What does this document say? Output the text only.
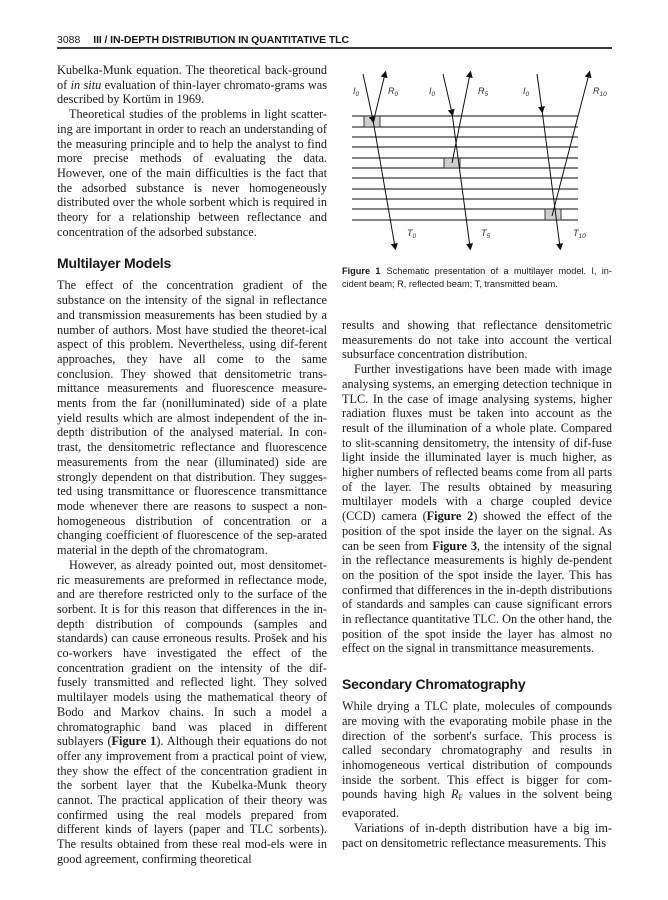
3088 III / IN-DEPTH DISTRIBUTION IN QUANTITATIVE TLC

Kubelka-Munk equation. The theoretical back-ground of in situ evaluation of thin-layer chromato-grams was described by Kortüm in 1969.

Theoretical studies of the problems in light scatter-ing are important in order to reach an understanding of the measuring principle and to help the analyst to find more precise methods of evaluating the data. However, one of the main difficulties is the fact that the adsorbed substance is never homogeneously distributed over the whole sorbent which is required in theory for a relationship between reflectance and concentration of the adsorbed substance.

Multilayer Models

The effect of the concentration gradient of the substance on the intensity of the signal in reflectance and transmission measurements has been studied by a number of authors. Most have studied the theoret-ical aspect of this problem. Nevertheless, using dif-ferent approaches, they have all come to the same conclusion. They showed that densitometric trans-mittance measurements and fluorescence measure-ments from the far (nonilluminated) side of a plate yield results which are almost independent of the in-depth distribution of the analysed material. In con-trast, the densitometric reflectance and fluorescence measurements from the near (illuminated) side are strongly dependent on that distribution. They sugges-ted using transmittance or fluorescence transmittance mode whenever there are reasons to suspect a non-homogeneous distribution of concentration or a changing coefficient of fluorescence of the sep-arated material in the depth of the chromatogram.

However, as already pointed out, most densitomet-ric measurements are preformed in reflectance mode, and are therefore restricted only to the surface of the sorbent. It is for this reason that differences in the in-depth distribution of compounds (samples and standards) can cause erroneous results. Prošek and his co-workers have investigated the effect of the concentration gradient on the intensity of the dif-fusely transmitted and reflected light. They solved multilayer models using the mathematical theory of Bodo and Markov chains. In such a model a chromatographic band was placed in different sublayers (Figure 1). Although their equations do not offer any improvement from a practical point of view, they show the effect of the concentration gradient in the sorbent layer that the Kubelka-Munk theory cannot. The practical application of their theory was confirmed using the real models prepared from different kinds of layers (paper and TLC sorbents). The results obtained from these real mod-els were in good agreement, confirming theoretical

$I_0$	$R_0$	$I_0$	$R_5$	$I_0$	$R_{10}$
$T_0$	$T_5$	$T_{10}$
Figure 1 Schematic presentation of a multilayer model. I, in-cident beam; R, reflected beam; T, transmitted beam.

results and showing that reflectance densitometric measurements do not take into account the vertical subsurface concentration distribution.

Further investigations have been made with image analysing systems, an emerging detection technique in TLC. In the case of image analysing systems, higher radiation fluxes must be taken into account as the result of the illumination of a whole plate. Compared to slit-scanning densitometry, the intensity of dif-fuse light inside the illuminated layer is much higher, as higher numbers of reflected beams come from all parts of the layer. The results obtained by measuring multilayer models with a charge coupled device (CCD) camera (Figure 2) showed the effect of the position of the spot inside the layer on the signal. As can be seen from Figure 3, the intensity of the signal in the reflectance measurements is highly de-pendent on the position of the spot inside the layer. This has confirmed that differences in the in-depth distributions of standards and samples can cause significant errors in reflectance quantitative TLC. On the other hand, the position of the spot inside the layer has almost no effect on the signal in transmittance measurements.

Secondary Chromatography

While drying a TLC plate, molecules of compounds are moving with the evaporating mobile phase in the direction of the sorbent's surface. This process is called secondary chromatography and results in inhomogeneous vertical distribution of compounds inside the sorbent. This effect is bigger for com-pounds having high $R_F$ values in the solvent being evaporated.

Variations of in-depth distribution have a big im-pact on densitometric reflectance measurements. This
